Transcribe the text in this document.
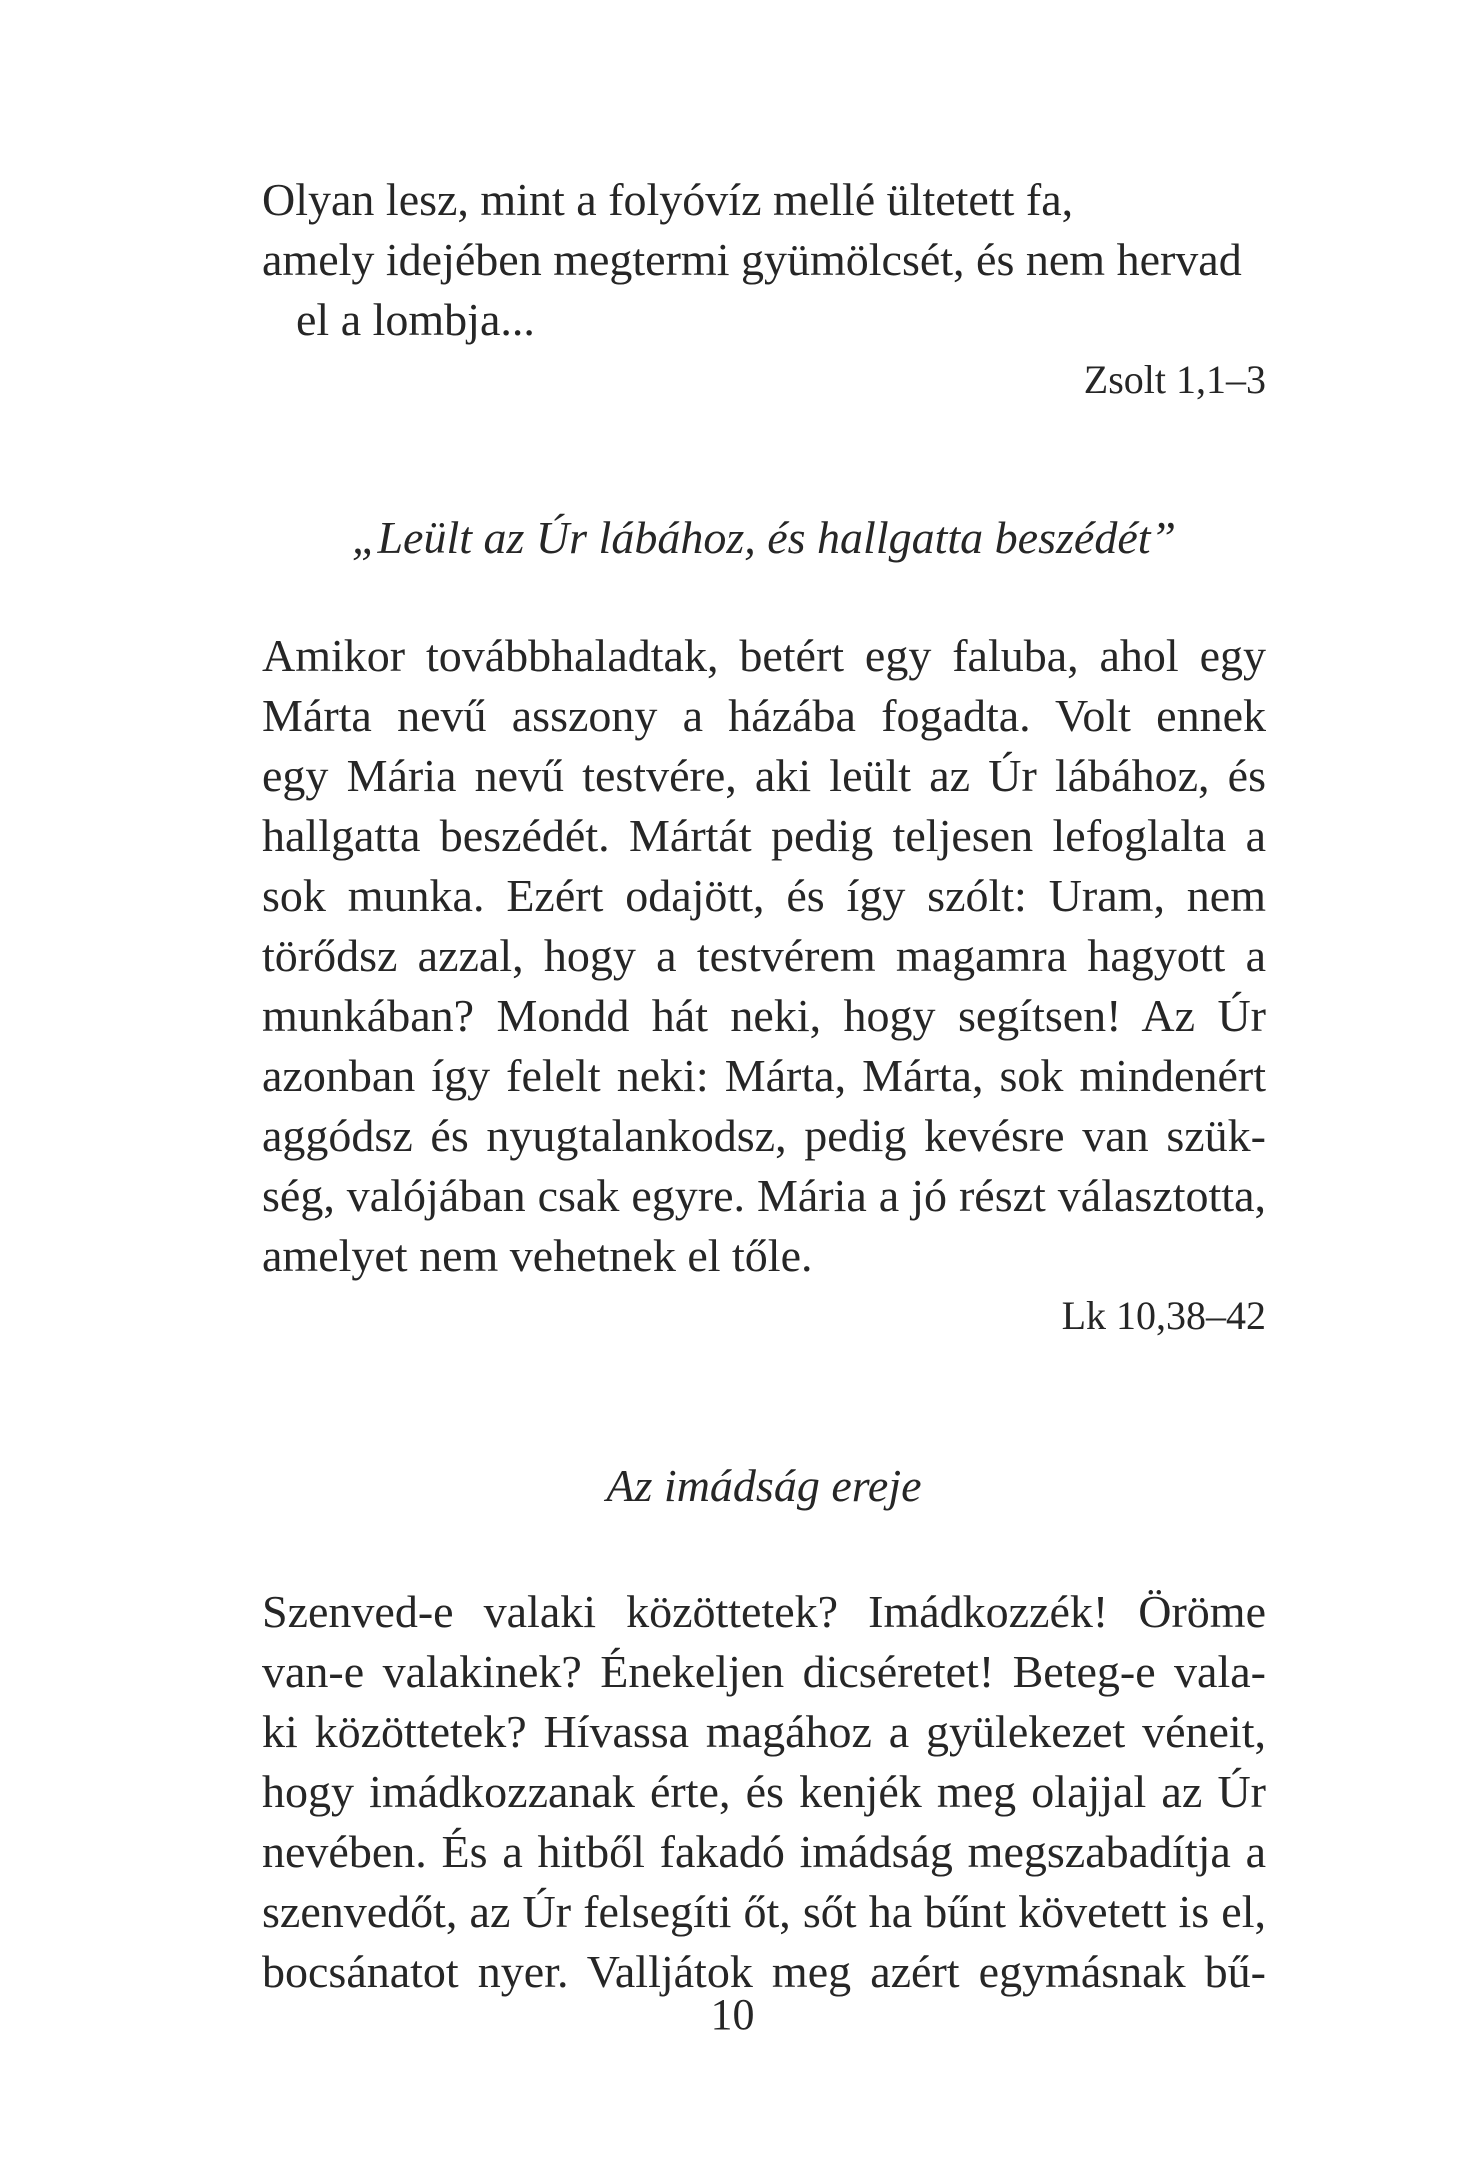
Olyan lesz, mint a folyóvíz mellé ültetett fa,
amely idejében megtermi gyümölcsét, és nem hervad
el a lombja...
Zsolt 1,1–3
„Leült az Úr lábához, és hallgatta beszédét”
Amikor továbbhaladtak, betért egy faluba, ahol egy
Márta nevű asszony a házába fogadta. Volt ennek
egy Mária nevű testvére, aki leült az Úr lábához, és
hallgatta beszédét. Mártát pedig teljesen lefoglalta a
sok munka. Ezért odajött, és így szólt: Uram, nem
törődsz azzal, hogy a testvérem magamra hagyott a
munkában? Mondd hát neki, hogy segítsen! Az Úr
azonban így felelt neki: Márta, Márta, sok mindenért
aggódsz és nyugtalankodsz, pedig kevésre van szük-
ség, valójában csak egyre. Mária a jó részt választotta,
amelyet nem vehetnek el tőle.
Lk 10,38–42
Az imádság ereje
Szenved-e valaki közöttetek? Imádkozzék! Öröme
van-e valakinek? Énekeljen dicséretet! Beteg-e vala-
ki közöttetek? Hívassa magához a gyülekezet véneit,
hogy imádkozzanak érte, és kenjék meg olajjal az Úr
nevében. És a hitből fakadó imádság megszabadítja a
szenvedőt, az Úr felsegíti őt, sőt ha bűnt követett is el,
bocsánatot nyer. Valljátok meg azért egymásnak bű-
10
